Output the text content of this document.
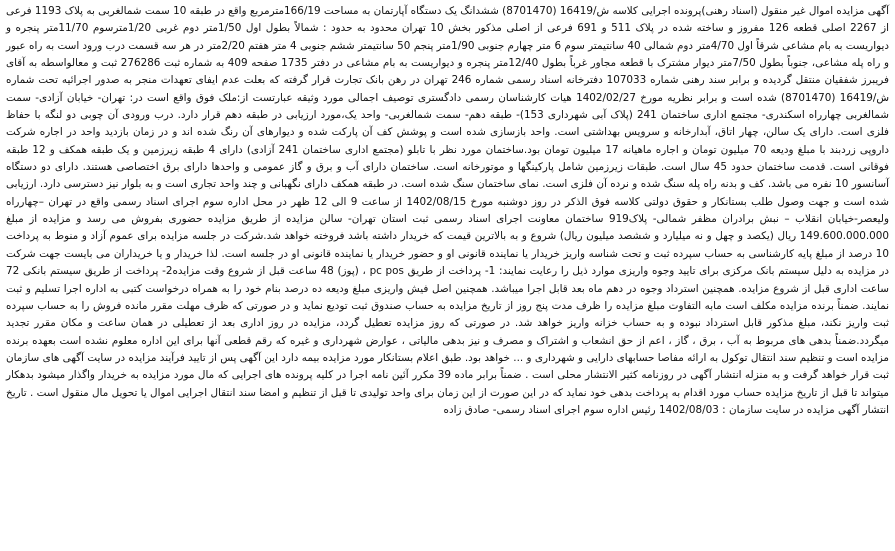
آگهی مزایده اموال غیر منقول (اسناد رهنی)پرونده اجرایی کلاسه ش/16419 (8701470) ششدانگ یک دستگاه آپارتمان به مساحت 166/19مترمربع واقع در طبقه 10 سمت شمالغربی به پلاک 1193 فرعی از 2267 اصلی قطعه 126 مفروز و ساخته شده در پلاک 511 و 691 فرعی از اصلی مذکور بخش 10 تهران محدود به حدود : شمالاً بطول اول 1/50متر دوم غربی 1/20مترسوم 11/70متر پنجره و دیواریست به بام مشاعی شرقاً اول 4/70متر دوم شمالی 40 سانتیمتر سوم 6 متر چهارم جنوبی 1/90متر پنجم 50 سانتیمتر ششم جنوبی 4 متر هفتم 2/20متر در هر سه قسمت درب ورود است به راه عبور و راه پله مشاعی، جنوباً بطول 7/50متر دیوار مشترک با قطعه مجاور غرباً بطول 12/40متر پنجره و دیواریست به بام مشاعی در دفتر 1735 صفحه 409 به شماره ثبت 276286 ثبت و معالواسطه به آقای فریبرز شفقیان منتقل گردیده و برابر سند رهنی شماره 107033 دفترخانه اسناد رسمی شماره 246 تهران در رهن بانک تجارت قرار گرفته که بعلت عدم ایفای تعهدات منجر به صدور اجرائیه تحت شماره ش/16419 (8701470) شده است و برابر نظریه مورخ 1402/02/27 هیات کارشناسان رسمی دادگستری توصیف اجمالی مورد وثیقه عبارتست از:ملک فوق واقع است در: تهران- خیابان آزادی- سمت شمالغربی چهارراه اسکندری- مجتمع اداری ساختمان 241 (پلاک آبی شهرداری 153)- طبقه دهم- سمت شمالغربی- واحد یک،مورد ارزیابی در طبقه دهم قرار دارد. درب ورودی آن چوبی دو لنگه با حفاظ فلزی است. دارای یک سالن، چهار اتاق، آبدارخانه و سرویس بهداشتی است. واحد بازسازی شده است و پوشش کف آن پارکت شده و دیوارهای آن رنگ شده اند و در زمان بازدید واحد در اجاره شرکت داروپی زردبند با مبلغ ودیعه 70 میلیون تومان و اجاره ماهیانه 17 میلیون تومان بود.ساختمان مورد نظر با تابلو (مجتمع اداری ساختمان 241 آزادی) دارای 4 طبقه زیرزمین و یک طبقه همکف و 12 طبقه فوقانی است. قدمت ساختمان حدود 45 سال است. طبقات زیرزمین شامل پارکینگها و موتورخانه است. ساختمان دارای آب و برق و گاز عمومی و واحدها دارای برق اختصاصی هستند. دارای دو دستگاه آسانسور 10 نفره می باشد. کف و بدنه راه پله سنگ شده و نرده آن فلزی است. نمای ساختمان سنگ شده است. در طبقه همکف دارای نگهبانی و چند واحد تجاری است و به بلوار نیز دسترسی دارد. ارزیابی شده است و جهت وصول طلب بستانکار و حقوق دولتی کلاسه فوق الذکر در روز دوشنبه مورخ 1402/08/15 از ساعت 9 الی 12 ظهر در محل اداره سوم اجرای اسناد رسمی واقع در تهران –چهارراه ولیعصر-خیابان انقلاب – نبش برادران مظفر شمالی- پلاک919 ساختمان معاونت اجرای اسناد رسمی ثبت استان تهران- سالن مزایده از طریق مزایده حضوری بفروش می رسد و مزایده از مبلغ 149.600.000.000 ریال (یکصد و چهل و نه میلیارد و ششصد میلیون ریال) شروع و به بالاترین قیمت که خریدار داشته باشد فروخته خواهد شد.شرکت در جلسه مزایده برای عموم آزاد و منوط به پرداخت 10 درصد از مبلغ پایه کارشناسی به حساب سپرده ثبت و تحت شناسه واریز خریدار یا نماینده قانونی او و حضور خریدار یا نماینده قانونی او در جلسه است. لذا خریدار و یا خریداران می بایست جهت شرکت در مزایده به دلیل سیستم بانک مرکزی برای تایید وجوه واریزی موارد ذیل را رعایت نمایند: 1- پرداخت از طریق pc pos ، (پوز) 48 ساعت قبل از شروع وقت مزایده2- پرداخت از طریق سیستم بانکی 72 ساعت اداری قبل از شروع مزایده. همچنین استرداد وجوه در دهم ماه بعد قابل اجرا میباشد. همچنین اصل فیش واریزی مبلغ ودیعه ده درصد بنام خود را به همراه درخواست کتبی به اداره اجرا تسلیم و ثبت نمایند. ضمناً برنده مزایده مکلف است مابه التفاوت مبلغ مزایده را ظرف مدت پنج روز از تاریخ مزایده به حساب صندوق ثبت تودیع نماید و در صورتی که ظرف مهلت مقرر مانده فروش را به حساب سپرده ثبت واریز نکند، مبلغ مذکور قابل استرداد نبوده و به حساب خزانه واریز خواهد شد. در صورتی که روز مزایده تعطیل گردد، مزایده در روز اداری بعد از تعطیلی در همان ساعت و مکان مقرر تجدید میگردد.ضمناً بدهی های مربوط به آب ، برق ، گاز ، اعم از حق انشعاب و اشتراک و مصرف و نیز بدهی مالیاتی ، عوارض شهرداری و غیره که رقم قطعی آنها برای این اداره معلوم نشده است بعهده برنده مزایده است و تنظیم سند انتقال توکول به ارائه مفاصا حسابهای دارایی و شهرداری و ... خواهد بود. طبق اعلام بستانکار مورد مزایده بیمه دارد این آگهی پس از تایید فرآیند مزایده در سایت آگهی های سازمان ثبت قرار خواهد گرفت و به منزله انتشار آگهی در روزنامه کثیر الانتشار محلی است . ضمناً برابر ماده 39 مکرر آئین نامه اجرا در کلیه پرونده های اجرایی که مال مورد مزایده به خریدار واگذار میشود بدهکار میتواند تا قبل از تاریخ مزایده حساب مورد اقدام به پرداخت بدهی خود نماید که در این صورت از این زمان برای واحد تولیدی تا قبل از تنظیم و امضا سند انتقال اجرایی اموال یا تحویل مال منقول است . تاریخ انتشار آگهی مزایده در سایت سازمان : 1402/08/03 رئیس اداره سوم اجرای اسناد رسمی- صادق زاده
